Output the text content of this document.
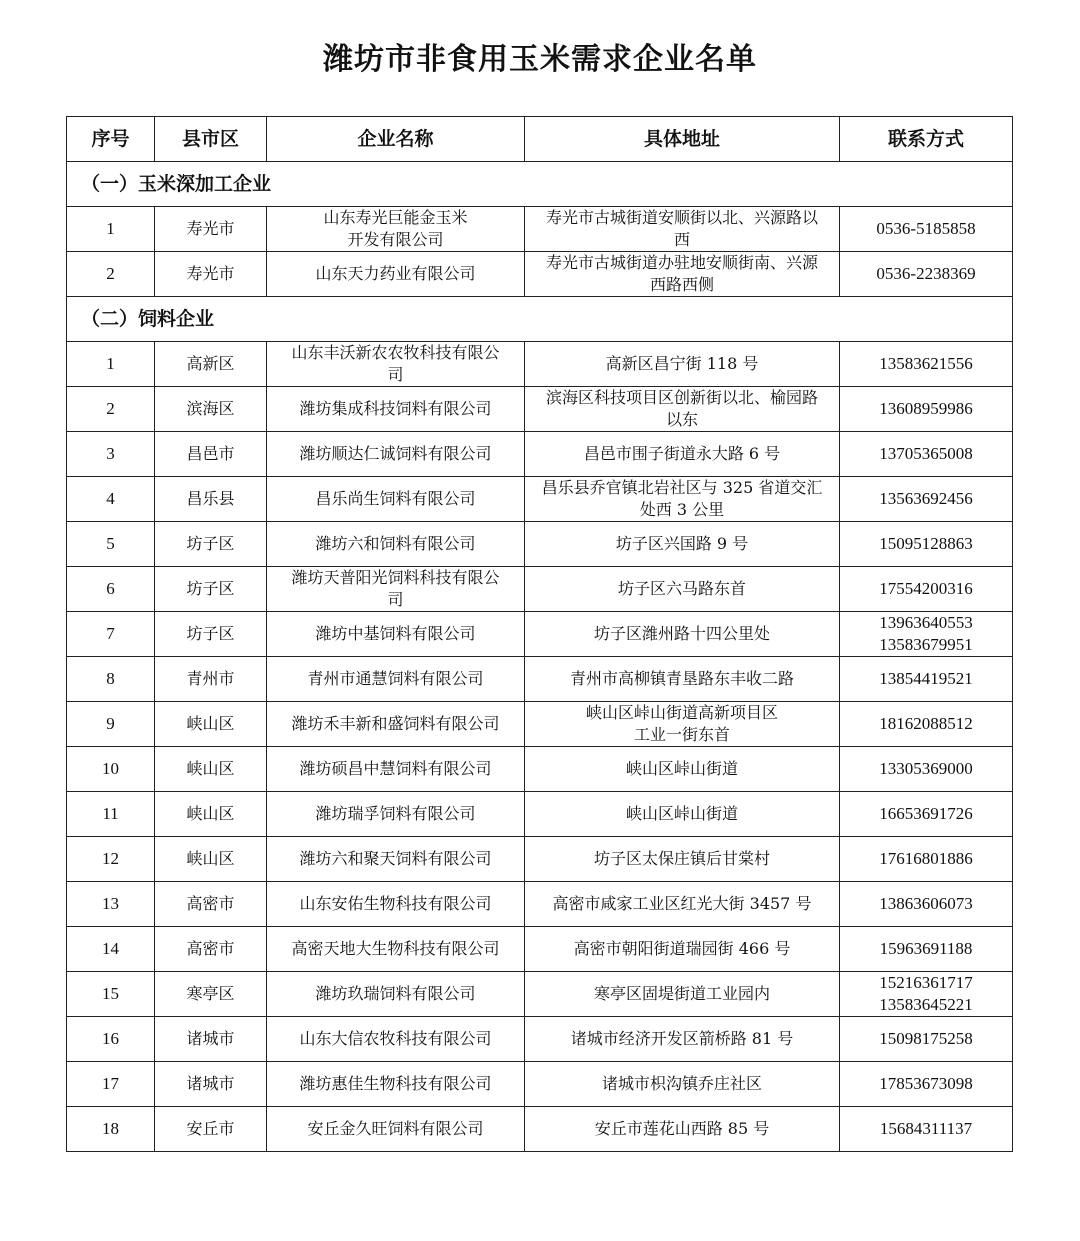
潍坊市非食用玉米需求企业名单
序号	县市区	企业名称	具体地址	联系方式
（一）玉米深加工企业				
1	寿光市	山东寿光巨能金玉米
开发有限公司	寿光市古城街道安顺街以北、兴源路以
西	0536-5185858

2	寿光市	山东天力药业有限公司	寿光市古城街道办驻地安顺街南、兴源
西路西侧	0536-2238369

（二）饲料企业				
1	高新区	山东丰沃新农农牧科技有限公
司	高新区昌宁街 118 号	13583621556

2	滨海区	潍坊集成科技饲料有限公司	滨海区科技项目区创新街以北、榆园路
以东	13608959986

3	昌邑市	潍坊顺达仁诚饲料有限公司	昌邑市围子街道永大路 6 号	13705365008

4	昌乐县	昌乐尚生饲料有限公司	昌乐县乔官镇北岩社区与 325 省道交汇
处西 3 公里	13563692456

5	坊子区	潍坊六和饲料有限公司	坊子区兴国路 9 号	15095128863

6	坊子区	潍坊天普阳光饲料科技有限公
司	坊子区六马路东首	17554200316

7	坊子区	潍坊中基饲料有限公司	坊子区潍州路十四公里处	13963640553
13583679951

8	青州市	青州市通慧饲料有限公司	青州市高柳镇青垦路东丰收二路	13854419521

9	峡山区	潍坊禾丰新和盛饲料有限公司	峡山区峠山街道高新项目区
工业一街东首	18162088512

10	峡山区	潍坊硕昌中慧饲料有限公司	峡山区峠山街道	13305369000

11	峡山区	潍坊瑞孚饲料有限公司	峡山区峠山街道	16653691726

12	峡山区	潍坊六和聚天饲料有限公司	坊子区太保庄镇后甘棠村	17616801886

13	高密市	山东安佑生物科技有限公司	高密市咸家工业区红光大街 3457 号	13863606073

14	高密市	高密天地大生物科技有限公司	高密市朝阳街道瑞园街 466 号	15963691188

15	寒亭区	潍坊玖瑞饲料有限公司	寒亭区固堤街道工业园内	15216361717
13583645221

16	诸城市	山东大信农牧科技有限公司	诸城市经济开发区箭桥路 81 号	15098175258

17	诸城市	潍坊惠佳生物科技有限公司	诸城市枳沟镇乔庄社区	17853673098

18	安丘市	安丘金久旺饲料有限公司	安丘市莲花山西路 85 号	15684311137
